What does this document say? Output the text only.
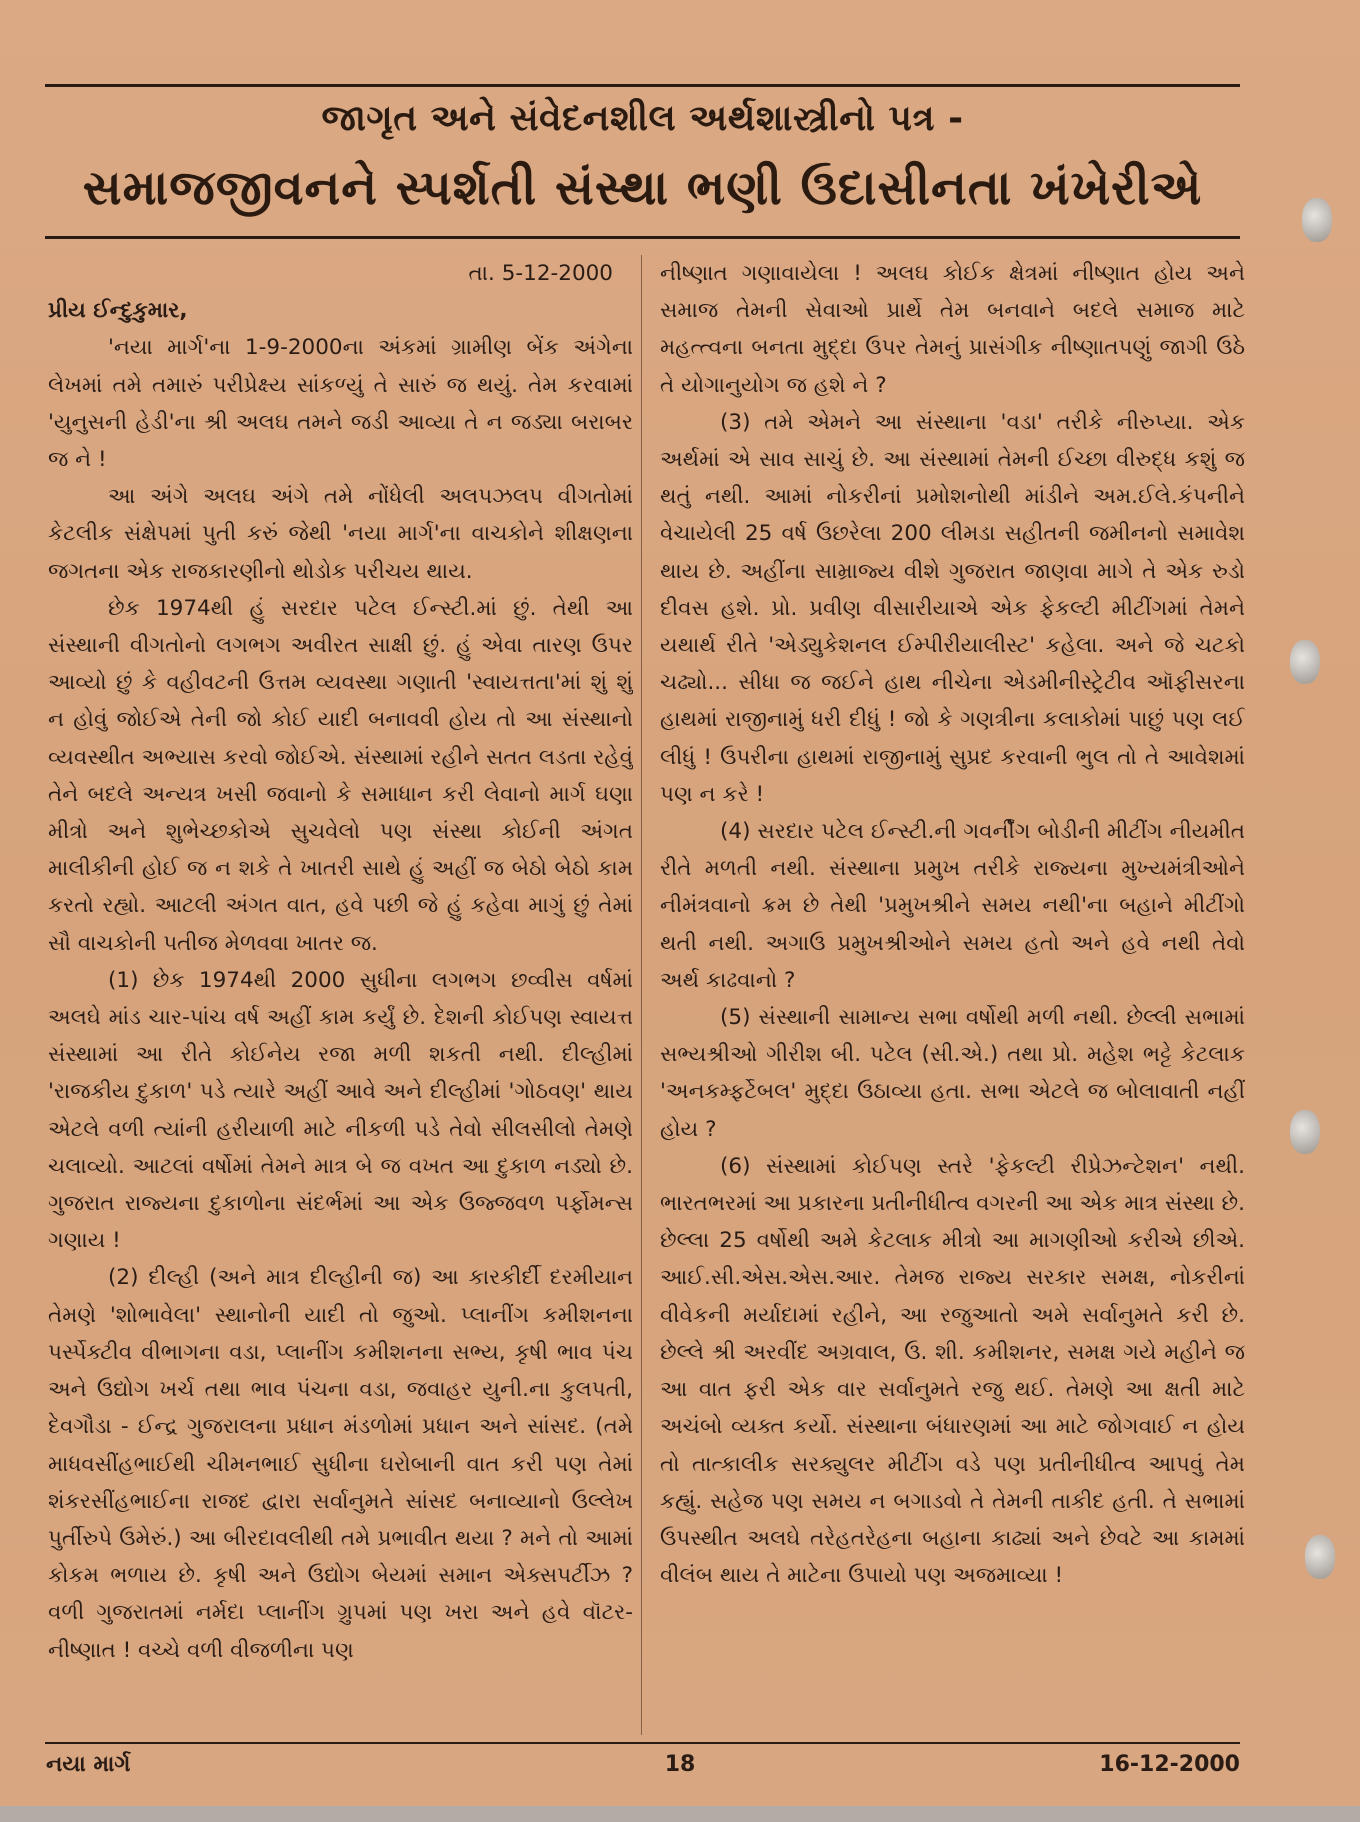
જાગૃત અને સંવેદનશીલ અર્થશાસ્ત્રીનો પત્ર -
સમાજજીવનને સ્પર્શતી સંસ્થા ભણી ઉદાસીનતા ખંખેરીએ

તા. 5-12-2000

પ્રીય ઈન્દુકુમાર,

'નયા માર્ગ'ના 1-9-2000ના અંકમાં ગ્રામીણ બેંક અંગેના લેખમાં તમે તમારું પરીપ્રેક્ષ્ય સાંકળ્યું તે સારું જ થયું. તેમ કરવામાં 'યુનુસની હેડી'ના શ્રી અલઘ તમને જડી આવ્યા તે ન જડ્યા બરાબર જ ને !

આ અંગે અલઘ અંગે તમે નોંધેલી અલપઝલપ વીગતોમાં કેટલીક સંક્ષેપમાં પુતી કરું જેથી 'નયા માર્ગ'ના વાચકોને શીક્ષણના જગતના એક રાજકારણીનો થોડોક પરીચય થાય.

છેક 1974થી હું સરદાર પટેલ ઈન્સ્ટી.માં છું. તેથી આ સંસ્થાની વીગતોનો લગભગ અવીરત સાક્ષી છું. હું એવા તારણ ઉપર આવ્યો છું કે વહીવટની ઉત્તમ વ્યવસ્થા ગણાતી 'સ્વાયત્તતા'માં શું શું ન હોવું જોઈએ તેની જો કોઈ યાદી બનાવવી હોય તો આ સંસ્થાનો વ્યવસ્થીત અભ્યાસ કરવો જોઈએ. સંસ્થામાં રહીને સતત લડતા રહેવું તેને બદલે અન્યત્ર ખસી જવાનો કે સમાધાન કરી લેવાનો માર્ગ ઘણા મીત્રો અને શુભેચ્છકોએ સુચવેલો પણ સંસ્થા કોઈની અંગત માલીકીની હોઈ જ ન શકે તે ખાતરી સાથે હું અહીં જ બેઠો બેઠો કામ કરતો રહ્યો. આટલી અંગત વાત, હવે પછી જે હું કહેવા માગું છું તેમાં સૌ વાચકોની પતીજ મેળવવા ખાતર જ.

(1) છેક 1974થી 2000 સુધીના લગભગ છવ્વીસ વર્ષમાં અલઘે માંડ ચાર-પાંચ વર્ષ અહીં કામ કર્યું છે. દેશની કોઈપણ સ્વાયત્ત સંસ્થામાં આ રીતે કોઈનેય રજા મળી શકતી નથી. દીલ્હીમાં 'રાજકીય દુકાળ' પડે ત્યારે અહીં આવે અને દીલ્હીમાં 'ગોઠવણ' થાય એટલે વળી ત્યાંની હરીયાળી માટે નીકળી પડે તેવો સીલસીલો તેમણે ચલાવ્યો. આટલાં વર્ષોમાં તેમને માત્ર બે જ વખત આ દુકાળ નડ્યો છે. ગુજરાત રાજ્યના દુકાળોના સંદર્ભમાં આ એક ઉજ્જવળ પર્ફોમન્સ ગણાય !

(2) દીલ્હી (અને માત્ર દીલ્હીની જ) આ કારકીર્દી દરમીયાન તેમણે 'શોભાવેલા' સ્થાનોની યાદી તો જુઓ. પ્લાનીંગ કમીશનના પર્સ્પેક્ટીવ વીભાગના વડા, પ્લાનીંગ કમીશનના સભ્ય, કૃષી ભાવ પંચ અને ઉદ્યોગ ખર્ચ તથા ભાવ પંચના વડા, જવાહર યુની.ના કુલપતી, દેવગૌડા - ઈન્દ્ર ગુજરાલના પ્રધાન મંડળોમાં પ્રધાન અને સાંસદ. (તમે માધવસીંહભાઈથી ચીમનભાઈ સુધીના ઘરોબાની વાત કરી પણ તેમાં શંકરસીંહભાઈના રાજદ દ્વારા સર્વાનુમતે સાંસદ બનાવ્યાનો ઉલ્લેખ પુર્તીરુપે ઉમેરું.) આ બીરદાવલીથી તમે પ્રભાવીત થયા ? મને તો આમાં કોકમ ભળાય છે. કૃષી અને ઉદ્યોગ બેયમાં સમાન એક્સપર્ટીઝ ? વળી ગુજરાતમાં નર્મદા પ્લાનીંગ ગ્રુપમાં પણ ખરા અને હવે વૉટર-નીષ્ણાત ! વચ્ચે વળી વીજળીના પણ

નીષ્ણાત ગણાવાયેલા ! અલઘ કોઈક ક્ષેત્રમાં નીષ્ણાત હોય અને સમાજ તેમની સેવાઓ પ્રાર્થે તેમ બનવાને બદલે સમાજ માટે મહત્ત્વના બનતા મુદ્દા ઉપર તેમનું પ્રાસંગીક નીષ્ણાતપણું જાગી ઉઠે તે યોગાનુયોગ જ હશે ને ?

(3) તમે એમને આ સંસ્થાના 'વડા' તરીકે નીરુપ્યા. એક અર્થમાં એ સાવ સાચું છે. આ સંસ્થામાં તેમની ઈચ્છા વીરુદ્ધ કશું જ થતું નથી. આમાં નોકરીનાં પ્રમોશનોથી માંડીને અમ.ઈલે.કંપનીને વેચાયેલી 25 વર્ષ ઉછરેલા 200 લીમડા સહીતની જમીનનો સમાવેશ થાય છે. અહીંના સામ્રાજ્ય વીશે ગુજરાત જાણવા માગે તે એક રુડો દીવસ હશે. પ્રો. પ્રવીણ વીસારીયાએ એક ફેકલ્ટી મીટીંગમાં તેમને યથાર્થ રીતે 'એડ્યુકેશનલ ઈમ્પીરીયાલીસ્ટ' કહેલા. અને જે ચટકો ચઢ્યો... સીધા જ જઈને હાથ નીચેના એડમીનીસ્ટ્રેટીવ ઑફીસરના હાથમાં રાજીનામું ધરી દીધું ! જો કે ગણત્રીના કલાકોમાં પાછું પણ લઈ લીધું ! ઉપરીના હાથમાં રાજીનામું સુપ્રદ કરવાની ભુલ તો તે આવેશમાં પણ ન કરે !

(4) સરદાર પટેલ ઈન્સ્ટી.ની ગવર્નીંગ બોડીની મીટીંગ નીયમીત રીતે મળતી નથી. સંસ્થાના પ્રમુખ તરીકે રાજ્યના મુખ્યમંત્રીઓને નીમંત્રવાનો ક્રમ છે તેથી 'પ્રમુખશ્રીને સમય નથી'ના બહાને મીટીંગો થતી નથી. અગાઉ પ્રમુખશ્રીઓને સમય હતો અને હવે નથી તેવો અર્થ કાઢવાનો ?

(5) સંસ્થાની સામાન્ય સભા વર્ષોથી મળી નથી. છેલ્લી સભામાં સભ્યશ્રીઓ ગીરીશ બી. પટેલ (સી.એ.) તથા પ્રો. મહેશ ભટ્ટે કેટલાક 'અનકમ્ફર્ટેબલ' મુદ્દા ઉઠાવ્યા હતા. સભા એટલે જ બોલાવાતી નહીં હોય ?

(6) સંસ્થામાં કોઈપણ સ્તરે 'ફેકલ્ટી રીપ્રેઝન્ટેશન' નથી. ભારતભરમાં આ પ્રકારના પ્રતીનીધીત્વ વગરની આ એક માત્ર સંસ્થા છે. છેલ્લા 25 વર્ષોથી અમે કેટલાક મીત્રો આ માગણીઓ કરીએ છીએ. આઈ.સી.એસ.એસ.આર. તેમજ રાજ્ય સરકાર સમક્ષ, નોકરીનાં વીવેકની મર્યાદામાં રહીને, આ રજુઆતો અમે સર્વાનુમતે કરી છે. છેલ્લે શ્રી અરવીંદ અગ્રવાલ, ઉ. શી. કમીશનર, સમક્ષ ગયે મહીને જ આ વાત ફરી એક વાર સર્વાનુમતે રજુ થઈ. તેમણે આ ક્ષતી માટે અચંબો વ્યક્ત કર્યો. સંસ્થાના બંધારણમાં આ માટે જોગવાઈ ન હોય તો તાત્કાલીક સરક્યુલર મીટીંગ વડે પણ પ્રતીનીધીત્વ આપવું તેમ કહ્યું. સહેજ પણ સમય ન બગાડવો તે તેમની તાકીદ હતી. તે સભામાં ઉપસ્થીત અલઘે તરેહતરેહના બહાના કાઢ્યાં અને છેવટે આ કામમાં વીલંબ થાય તે માટેના ઉપાયો પણ અજમાવ્યા !

નયા માર્ગ	18	16-12-2000
